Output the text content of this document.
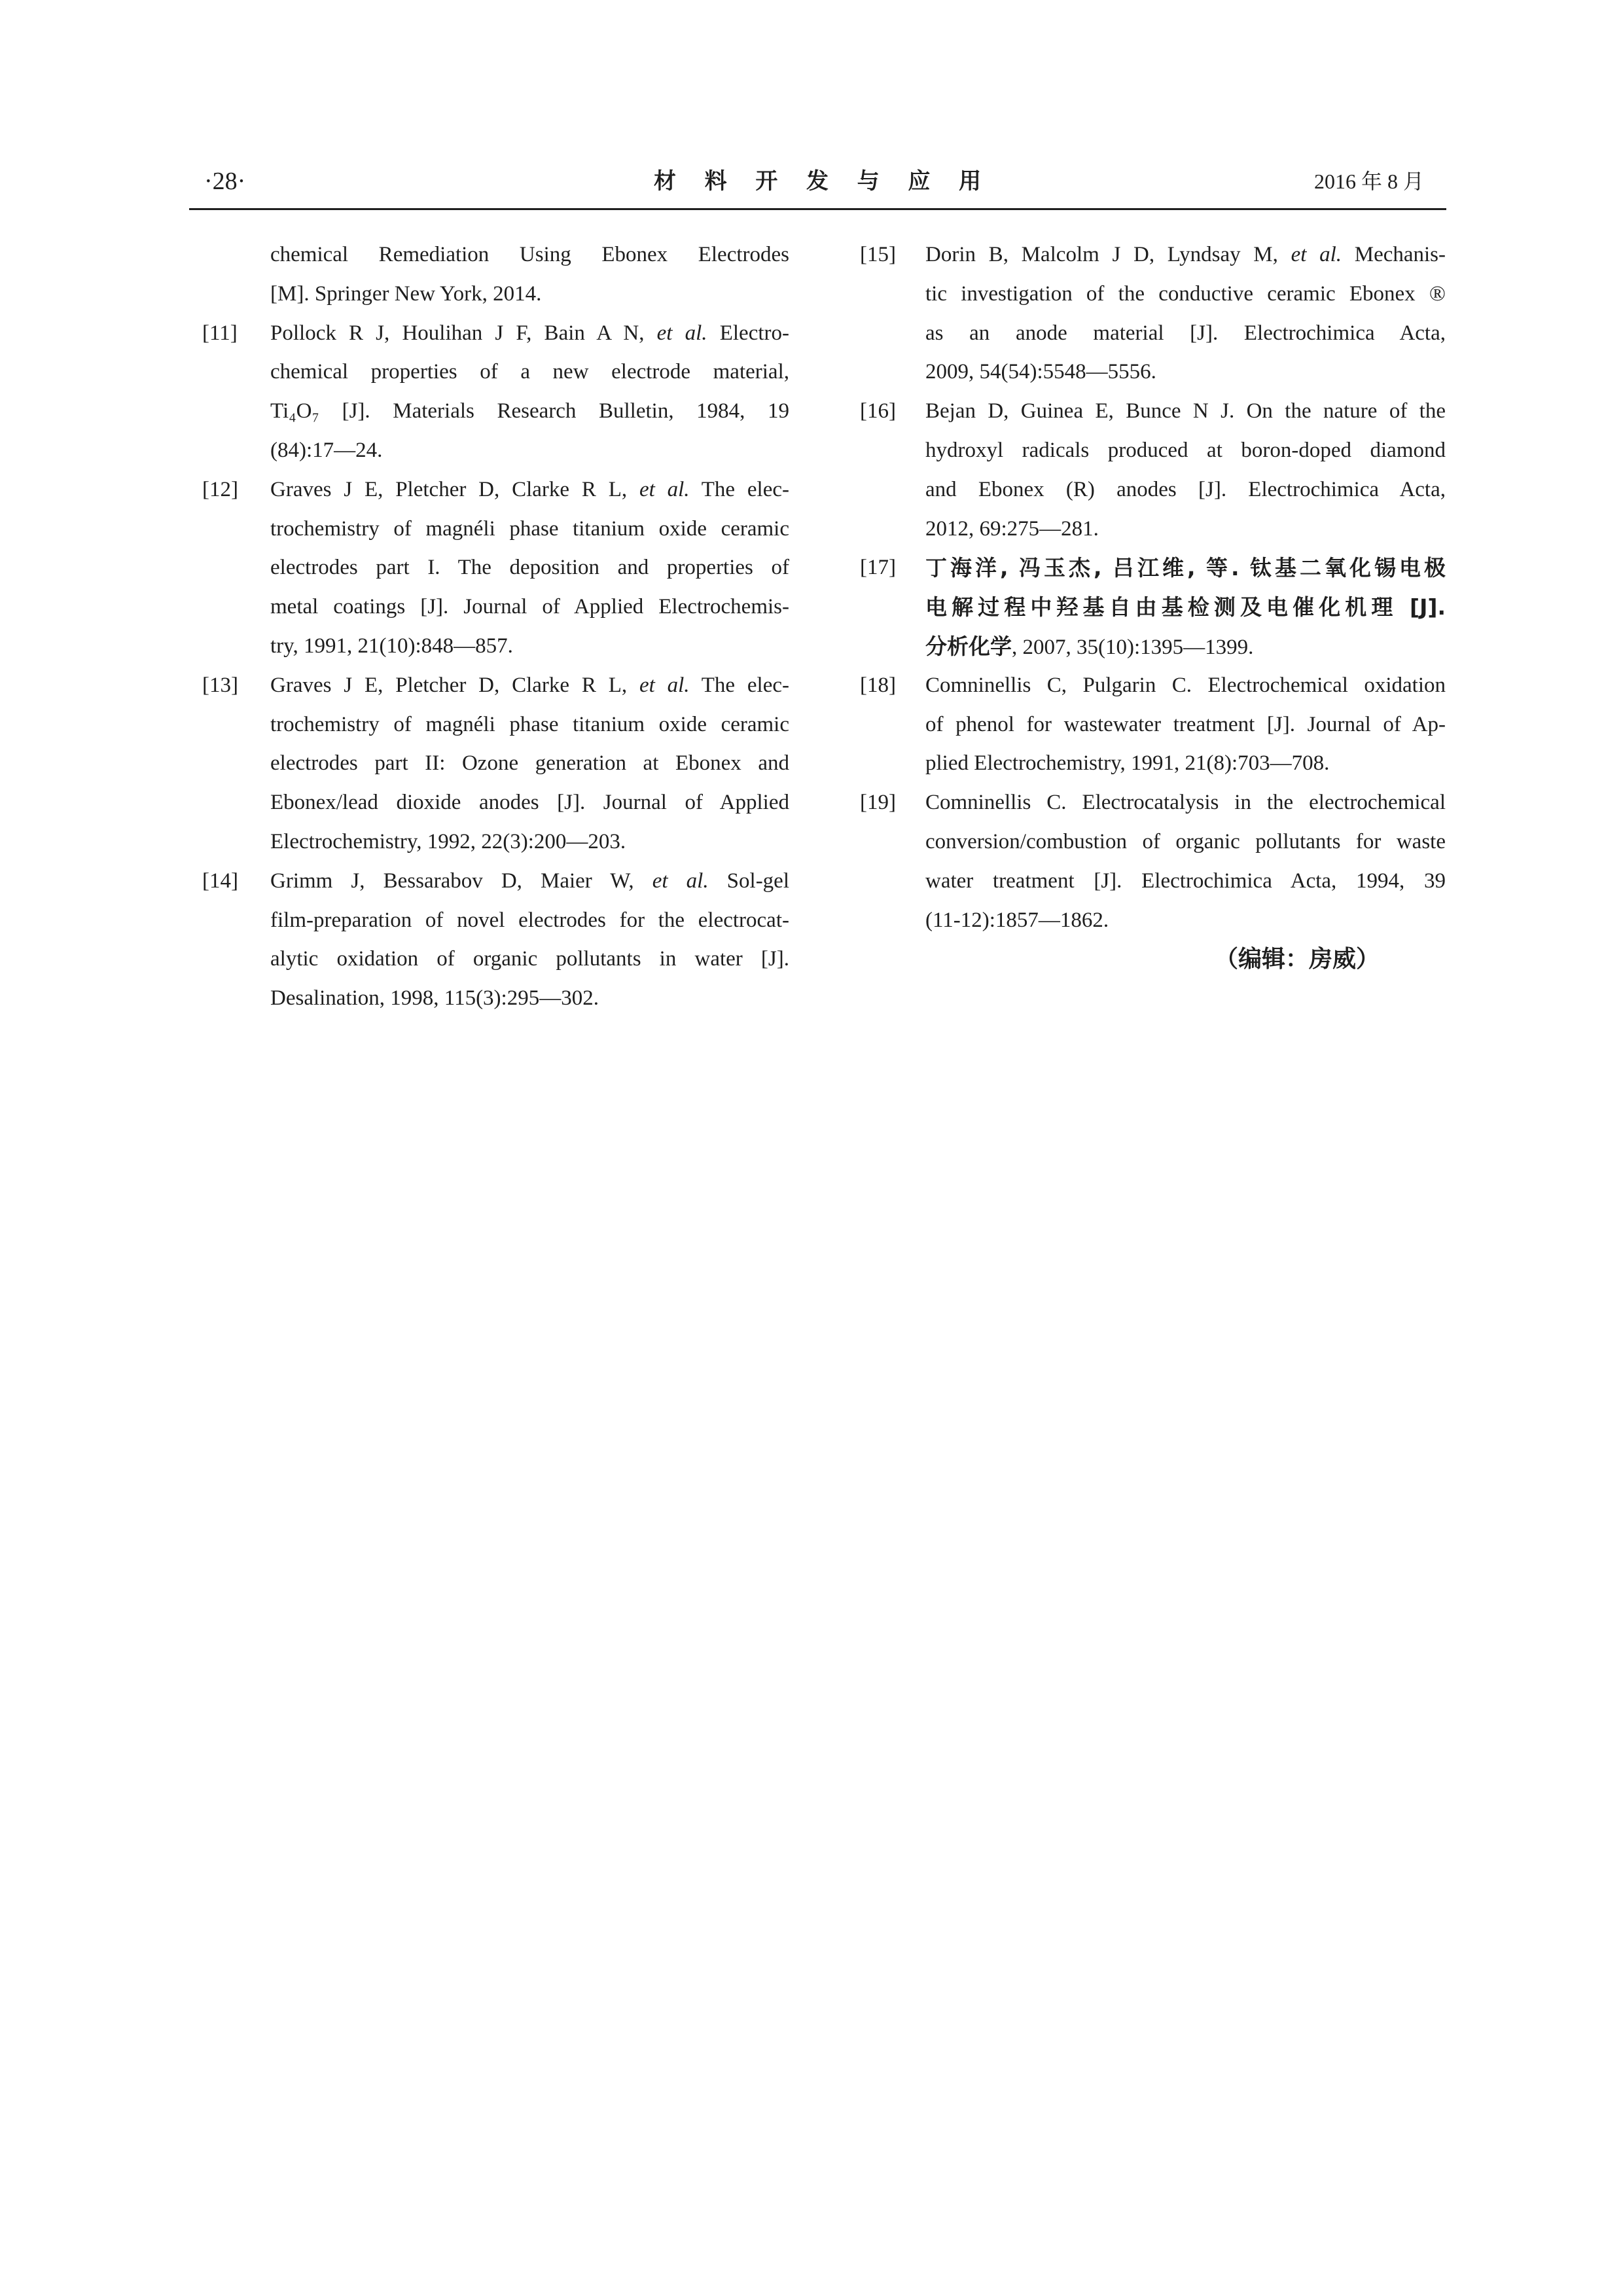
·28·	材 料 开 发 与 应 用	2016 年 8 月
chemical Remediation Using Ebonex Electrodes
[M]. Springer New York, 2014.
[11] Pollock R J, Houlihan J F, Bain A N, et al. Electro-
chemical properties of a new electrode material,
Ti₄O₇ [J]. Materials Research Bulletin, 1984, 19
(84):17—24.
[12] Graves J E, Pletcher D, Clarke R L, et al. The elec-
trochemistry of magnéli phase titanium oxide ceramic
electrodes part I. The deposition and properties of
metal coatings [J]. Journal of Applied Electrochemis-
try, 1991, 21(10):848—857.
[13] Graves J E, Pletcher D, Clarke R L, et al. The elec-
trochemistry of magnéli phase titanium oxide ceramic
electrodes part II: Ozone generation at Ebonex and
Ebonex/lead dioxide anodes [J]. Journal of Applied
Electrochemistry, 1992, 22(3):200—203.
[14] Grimm J, Bessarabov D, Maier W, et al. Sol-gel
film-preparation of novel electrodes for the electrocat-
alytic oxidation of organic pollutants in water [J].
Desalination, 1998, 115(3):295—302.
[15] Dorin B, Malcolm J D, Lyndsay M, et al. Mechanis-
tic investigation of the conductive ceramic Ebonex ®
as an anode material [J]. Electrochimica Acta,
2009, 54(54):5548—5556.
[16] Bejan D, Guinea E, Bunce N J. On the nature of the
hydroxyl radicals produced at boron-doped diamond
and Ebonex (R) anodes [J]. Electrochimica Acta,
2012, 69:275—281.
[17] 丁海洋, 冯玉杰, 吕江维, 等. 钛基二氧化锡电极
电解过程中羟基自由基检测及电催化机理 [J].
分析化学, 2007, 35(10):1395—1399.
[18] Comninellis C, Pulgarin C. Electrochemical oxidation
of phenol for wastewater treatment [J]. Journal of Ap-
plied Electrochemistry, 1991, 21(8):703—708.
[19] Comninellis C. Electrocatalysis in the electrochemical
conversion/combustion of organic pollutants for waste
water treatment [J]. Electrochimica Acta, 1994, 39
(11-12):1857—1862.
（编辑：房威）
